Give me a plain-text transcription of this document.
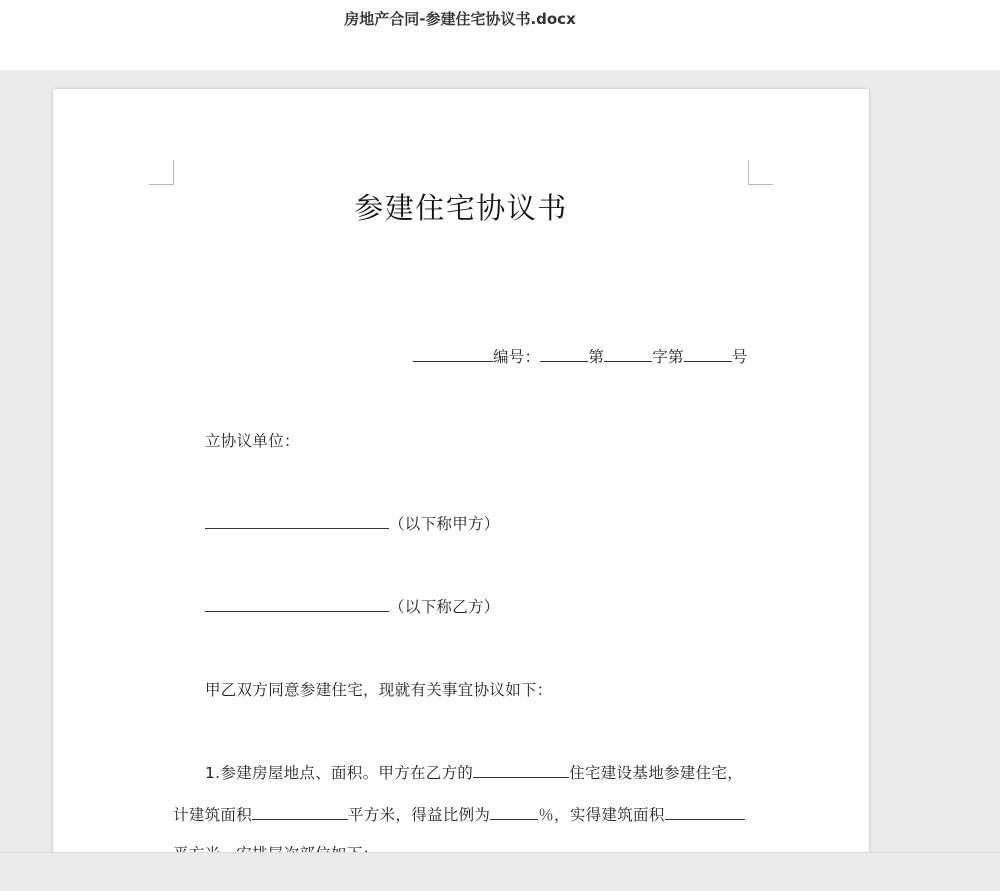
房地产合同-参建住宅协议书.docx
参建住宅协议书
编号：	第	字第	号
立协议单位：
（以下称甲方）
（以下称乙方）
甲乙双方同意参建住宅，现就有关事宜协议如下：
1.参建房屋地点、面积。甲方在乙方的	住宅建设基地参建住宅，
计建筑面积	平方米，得益比例为	％，实得建筑面积
